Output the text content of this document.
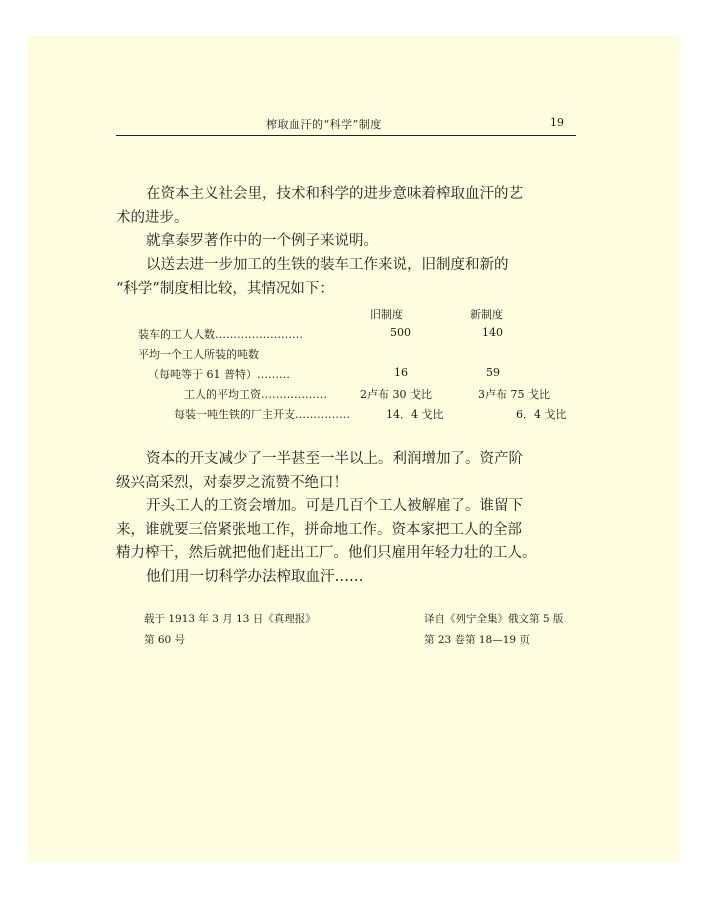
榨取血汗的“科学”制度	19
在资本主义社会里，技术和科学的进步意味着榨取血汗的艺
术的进步。
就拿泰罗著作中的一个例子来说明。
以送去进一步加工的生铁的装车工作来说，旧制度和新的
“科学”制度相比较，其情况如下：
旧制度	新制度
装车的工人人数……………………	500	140
平均一个工人所装的吨数
（每吨等于 61 普特）………	16	59
工人的平均工资………………	2卢布 30 戈比	3卢布 75 戈比
每装一吨生铁的厂主开支……………	14．4 戈比	6．4 戈比
资本的开支减少了一半甚至一半以上。利润增加了。资产阶
级兴高采烈，对泰罗之流赞不绝口！
开头工人的工资会增加。可是几百个工人被解雇了。谁留下
来，谁就要三倍紧张地工作，拼命地工作。资本家把工人的全部
精力榨干，然后就把他们赶出工厂。他们只雇用年轻力壮的工人。
他们用一切科学办法榨取血汗……
载于 1913 年 3 月 13 日《真理报》
第 60 号
译自《列宁全集》俄文第 5 版
第 23 卷第 18—19 页
